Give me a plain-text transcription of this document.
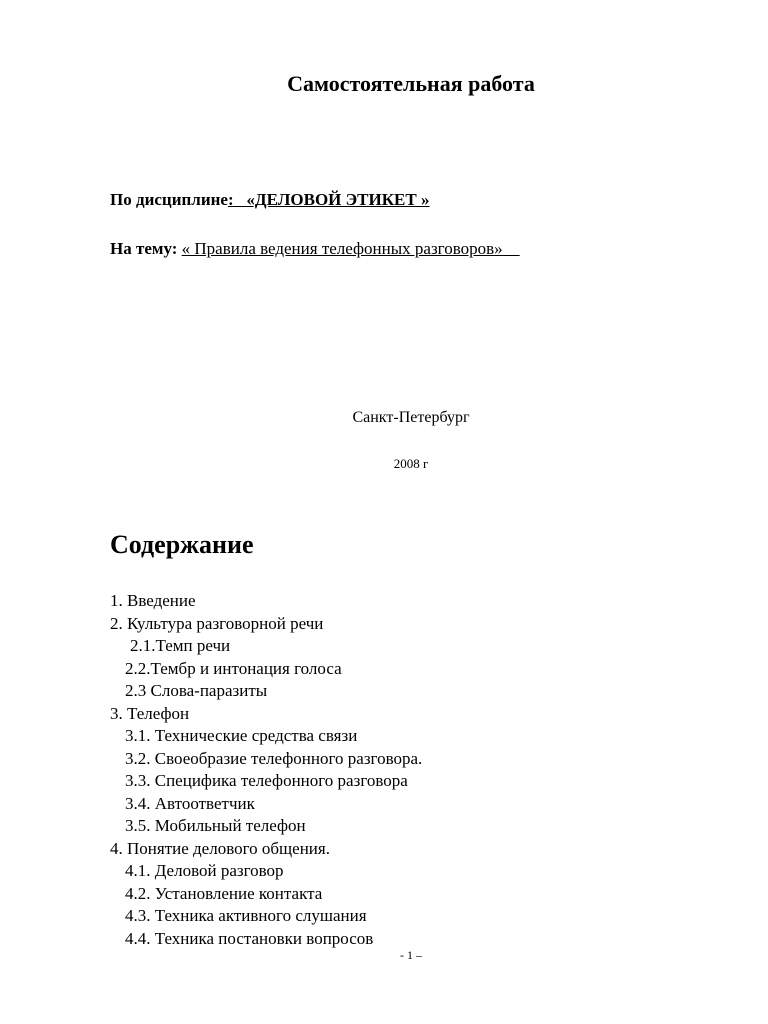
Самостоятельная работа
По дисциплине: «ДЕЛОВОЙ ЭТИКЕТ »
На тему: « Правила ведения телефонных разговоров»
Санкт-Петербург
2008 г
Содержание
1. Введение
2. Культура разговорной речи
2.1.Темп речи
2.2.Тембр и интонация голоса
2.3 Слова-паразиты
3. Телефон
3.1. Технические средства связи
3.2. Своеобразие телефонного разговора.
3.3. Специфика телефонного разговора
3.4. Автоответчик
3.5. Мобильный телефон
4. Понятие делового общения.
4.1. Деловой разговор
4.2. Установление контакта
4.3. Техника активного слушания
4.4. Техника постановки вопросов
- 1 –
